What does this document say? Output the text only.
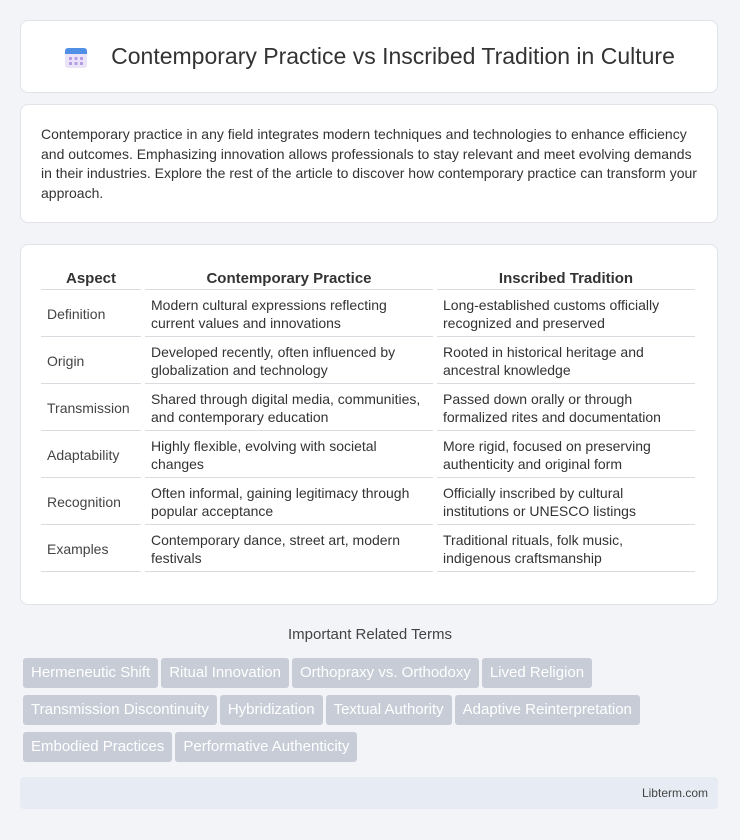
Contemporary Practice vs Inscribed Tradition in Culture

Contemporary practice in any field integrates modern techniques and technologies to enhance efficiency and outcomes. Emphasizing innovation allows professionals to stay relevant and meet evolving demands in their industries. Explore the rest of the article to discover how contemporary practice can transform your approach.

Aspect	Contemporary Practice	Inscribed Tradition
Definition	Modern cultural expressions reflecting current values and innovations	Long-established customs officially recognized and preserved
Origin	Developed recently, often influenced by globalization and technology	Rooted in historical heritage and ancestral knowledge
Transmission	Shared through digital media, communities, and contemporary education	Passed down orally or through formalized rites and documentation
Adaptability	Highly flexible, evolving with societal changes	More rigid, focused on preserving authenticity and original form
Recognition	Often informal, gaining legitimacy through popular acceptance	Officially inscribed by cultural institutions or UNESCO listings
Examples	Contemporary dance, street art, modern festivals	Traditional rituals, folk music, indigenous craftsmanship
Important Related Terms
Hermeneutic Shift Ritual Innovation Orthopraxy vs. Orthodoxy Lived ReligionTransmission Discontinuity Hybridization Textual Authority Adaptive ReinterpretationEmbodied Practices Performative Authenticity
Libterm.com
